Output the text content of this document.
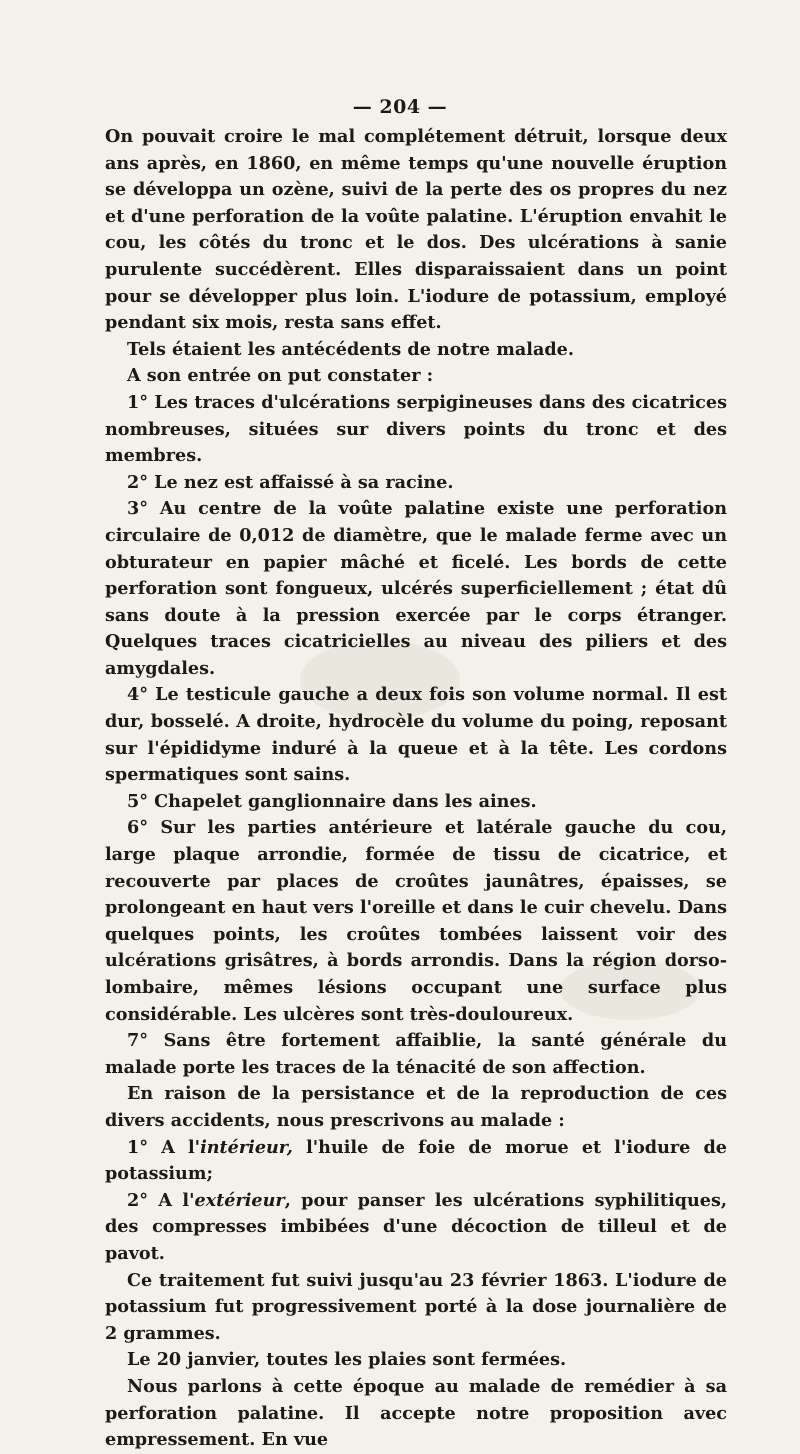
— 204 —

On pouvait croire le mal complétement détruit, lorsque deux ans après, en 1860, en même temps qu'une nouvelle éruption se développa un ozène, suivi de la perte des os propres du nez et d'une perforation de la voûte palatine. L'éruption envahit le cou, les côtés du tronc et le dos. Des ulcérations à sanie purulente succédèrent. Elles disparaissaient dans un point pour se développer plus loin. L'iodure de potassium, employé pendant six mois, resta sans effet.

Tels étaient les antécédents de notre malade.

A son entrée on put constater :

1° Les traces d'ulcérations serpigineuses dans des cicatrices nombreuses, situées sur divers points du tronc et des membres.

2° Le nez est affaissé à sa racine.

3° Au centre de la voûte palatine existe une perforation circulaire de 0,012 de diamètre, que le malade ferme avec un obturateur en papier mâché et ficelé. Les bords de cette perforation sont fongueux, ulcérés superficiellement ; état dû sans doute à la pression exercée par le corps étranger. Quelques traces cicatricielles au niveau des piliers et des amygdales.

4° Le testicule gauche a deux fois son volume normal. Il est dur, bosselé. A droite, hydrocèle du volume du poing, reposant sur l'épididyme induré à la queue et à la tête. Les cordons spermatiques sont sains.

5° Chapelet ganglionnaire dans les aines.

6° Sur les parties antérieure et latérale gauche du cou, large plaque arrondie, formée de tissu de cicatrice, et recouverte par places de croûtes jaunâtres, épaisses, se prolongeant en haut vers l'oreille et dans le cuir chevelu. Dans quelques points, les croûtes tombées laissent voir des ulcérations grisâtres, à bords arrondis. Dans la région dorso-lombaire, mêmes lésions occupant une surface plus considérable. Les ulcères sont très-douloureux.

7° Sans être fortement affaiblie, la santé générale du malade porte les traces de la ténacité de son affection.

En raison de la persistance et de la reproduction de ces divers accidents, nous prescrivons au malade :

1° A l'intérieur, l'huile de foie de morue et l'iodure de potassium;

2° A l'extérieur, pour panser les ulcérations syphilitiques, des compresses imbibées d'une décoction de tilleul et de pavot.

Ce traitement fut suivi jusqu'au 23 février 1863. L'iodure de potassium fut progressivement porté à la dose journalière de 2 grammes.

Le 20 janvier, toutes les plaies sont fermées.

Nous parlons à cette époque au malade de remédier à sa perforation palatine. Il accepte notre proposition avec empressement. En vue
